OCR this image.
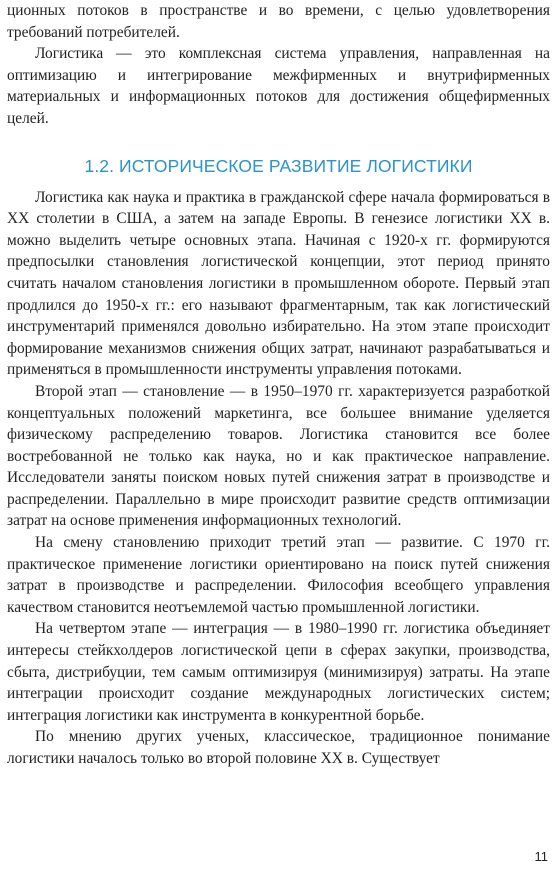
ционных потоков в пространстве и во времени, с целью удовлетворения требований потребителей.

Логистика — это комплексная система управления, направленная на оптимизацию и интегрирование межфирменных и внутрифирменных материальных и информационных потоков для достижения общефирменных целей.

1.2. ИСТОРИЧЕСКОЕ РАЗВИТИЕ ЛОГИСТИКИ

Логистика как наука и практика в гражданской сфере начала формироваться в XX столетии в США, а затем на западе Европы. В генезисе логистики XX в. можно выделить четыре основных этапа. Начиная с 1920-х гг. формируются предпосылки становления логистической концепции, этот период принято считать началом становления логистики в промышленном обороте. Первый этап продлился до 1950-х гг.: его называют фрагментарным, так как логистический инструментарий применялся довольно избирательно. На этом этапе происходит формирование механизмов снижения общих затрат, начинают разрабатываться и применяться в промышленности инструменты управления потоками.

Второй этап — становление — в 1950–1970 гг. характеризуется разработкой концептуальных положений маркетинга, все большее внимание уделяется физическому распределению товаров. Логистика становится все более востребованной не только как наука, но и как практическое направление. Исследователи заняты поиском новых путей снижения затрат в производстве и распределении. Параллельно в мире происходит развитие средств оптимизации затрат на основе применения информационных технологий.

На смену становлению приходит третий этап — развитие. С 1970 гг. практическое применение логистики ориентировано на поиск путей снижения затрат в производстве и распределении. Философия всеобщего управления качеством становится неотъемлемой частью промышленной логистики.

На четвертом этапе — интеграция — в 1980–1990 гг. логистика объединяет интересы стейкхолдеров логистической цепи в сферах закупки, производства, сбыта, дистрибуции, тем самым оптимизируя (минимизируя) затраты. На этапе интеграции происходит создание международных логистических систем; интеграция логистики как инструмента в конкурентной борьбе.

По мнению других ученых, классическое, традиционное понимание логистики началось только во второй половине XX в. Существует

11
